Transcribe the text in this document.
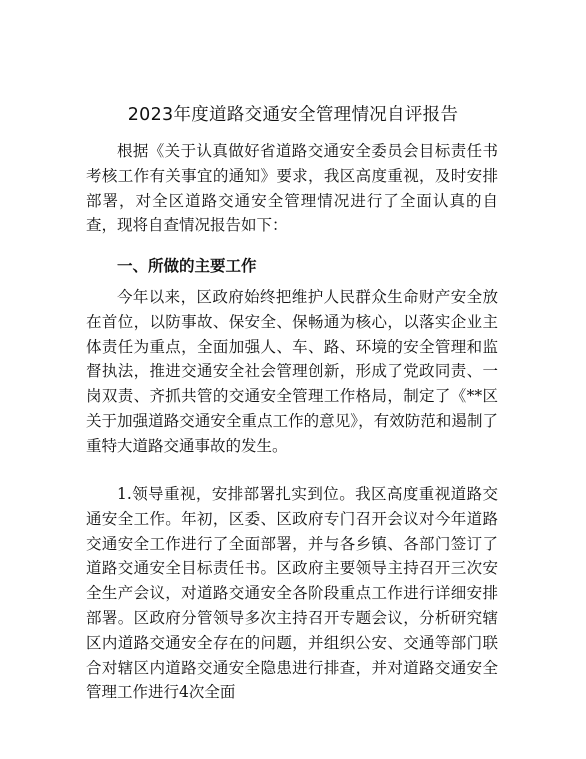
2023年度道路交通安全管理情况自评报告

根据《关于认真做好省道路交通安全委员会目标责任书考核工作有关事宜的通知》要求，我区高度重视，及时安排部署，对全区道路交通安全管理情况进行了全面认真的自查，现将自查情况报告如下：

一、所做的主要工作

今年以来，区政府始终把维护人民群众生命财产安全放在首位，以防事故、保安全、保畅通为核心，以落实企业主体责任为重点，全面加强人、车、路、环境的安全管理和监督执法，推进交通安全社会管理创新，形成了党政同责、一岗双责、齐抓共管的交通安全管理工作格局，制定了《**区关于加强道路交通安全重点工作的意见》，有效防范和遏制了重特大道路交通事故的发生。

1.领导重视，安排部署扎实到位。我区高度重视道路交通安全工作。年初，区委、区政府专门召开会议对今年道路交通安全工作进行了全面部署，并与各乡镇、各部门签订了道路交通安全目标责任书。区政府主要领导主持召开三次安全生产会议，对道路交通安全各阶段重点工作进行详细安排部署。区政府分管领导多次主持召开专题会议，分析研究辖区内道路交通安全存在的问题，并组织公安、交通等部门联合对辖区内道路交通安全隐患进行排查，并对道路交通安全管理工作进行4次全面
